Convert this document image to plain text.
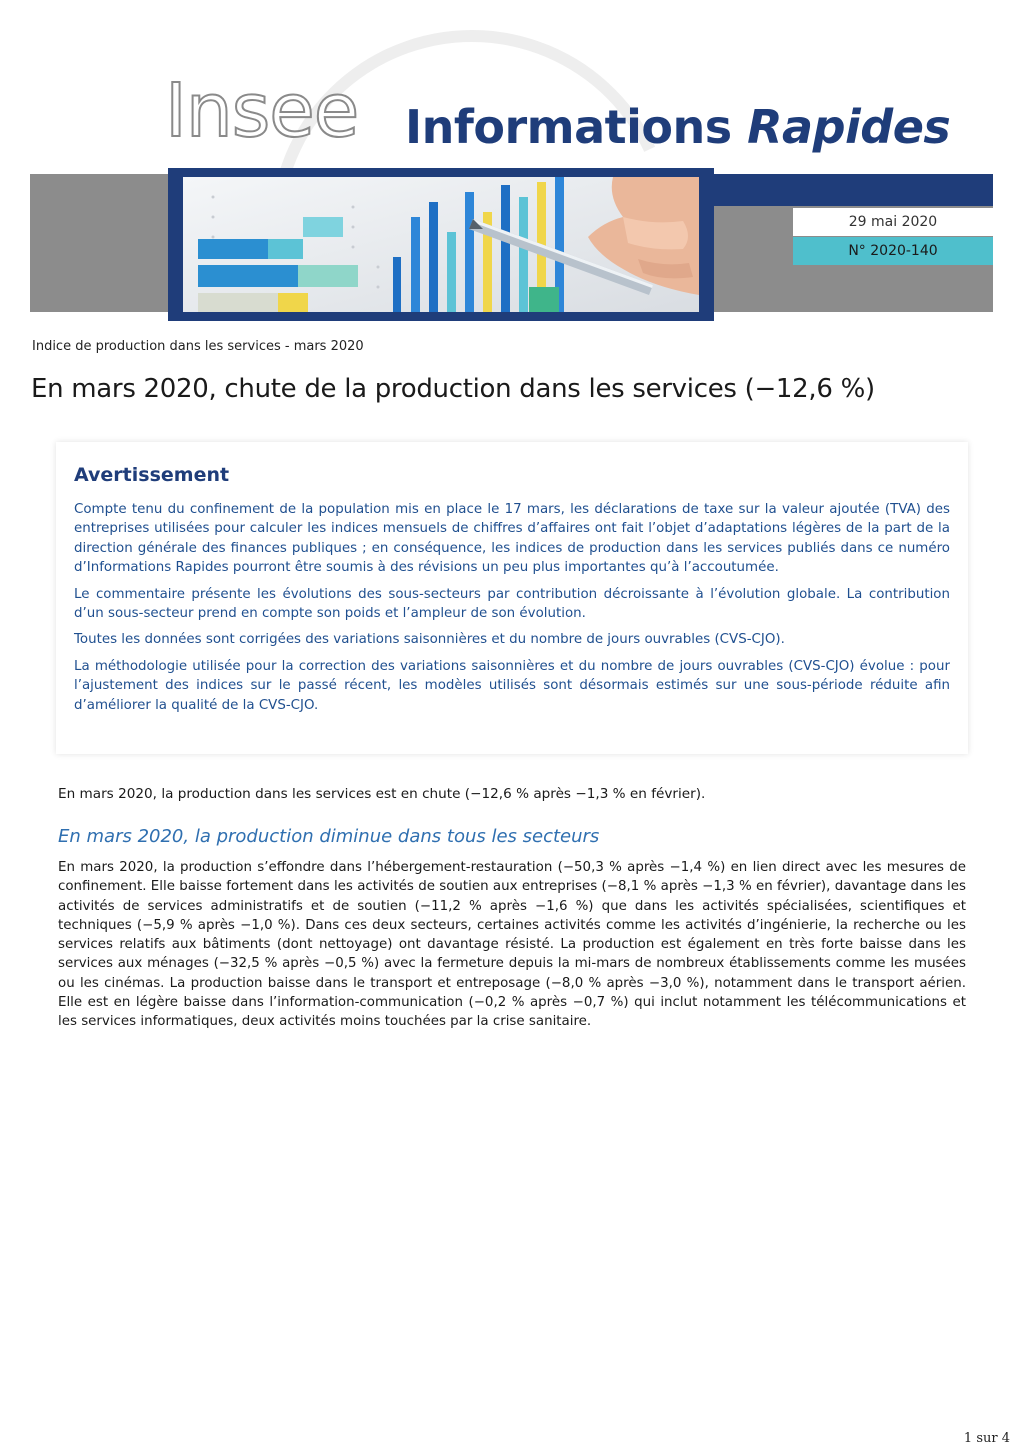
Insee Informations Rapides
29 mai 2020
N° 2020-140
Indice de production dans les services - mars 2020
En mars 2020, chute de la production dans les services (−12,6 %)
Avertissement

Compte tenu du confinement de la population mis en place le 17 mars, les déclarations de taxe sur la valeur ajoutée (TVA) des entreprises utilisées pour calculer les indices mensuels de chiffres d’affaires ont fait l’objet d’adaptations légères de la part de la direction générale des finances publiques ; en conséquence, les indices de production dans les services publiés dans ce numéro d’Informations Rapides pourront être soumis à des révisions un peu plus importantes qu’à l’accoutumée.

Le commentaire présente les évolutions des sous-secteurs par contribution décroissante à l’évolution globale. La contribution d’un sous-secteur prend en compte son poids et l’ampleur de son évolution.

Toutes les données sont corrigées des variations saisonnières et du nombre de jours ouvrables (CVS-CJO).

La méthodologie utilisée pour la correction des variations saisonnières et du nombre de jours ouvrables (CVS-CJO) évolue : pour l’ajustement des indices sur le passé récent, les modèles utilisés sont désormais estimés sur une sous-période réduite afin d’améliorer la qualité de la CVS-CJO.

En mars 2020, la production dans les services est en chute (−12,6 % après −1,3 % en février).
En mars 2020, la production diminue dans tous les secteurs

En mars 2020, la production s’effondre dans l’hébergement-restauration (−50,3 % après −1,4 %) en lien direct avec les mesures de confinement. Elle baisse fortement dans les activités de soutien aux entreprises (−8,1 % après −1,3 % en février), davantage dans les activités de services administratifs et de soutien (−11,2 % après −1,6 %) que dans les activités spécialisées, scientifiques et techniques (−5,9 % après −1,0 %). Dans ces deux secteurs, certaines activités comme les activités d’ingénierie, la recherche ou les services relatifs aux bâtiments (dont nettoyage) ont davantage résisté. La production est également en très forte baisse dans les services aux ménages (−32,5 % après −0,5 %) avec la fermeture depuis la mi-mars de nombreux établissements comme les musées ou les cinémas. La production baisse dans le transport et entreposage (−8,0 % après −3,0 %), notamment dans le transport aérien. Elle est en légère baisse dans l’information-communication (−0,2 % après −0,7 %) qui inclut notamment les télécommunications et les services informatiques, deux activités moins touchées par la crise sanitaire.

1 sur 4
